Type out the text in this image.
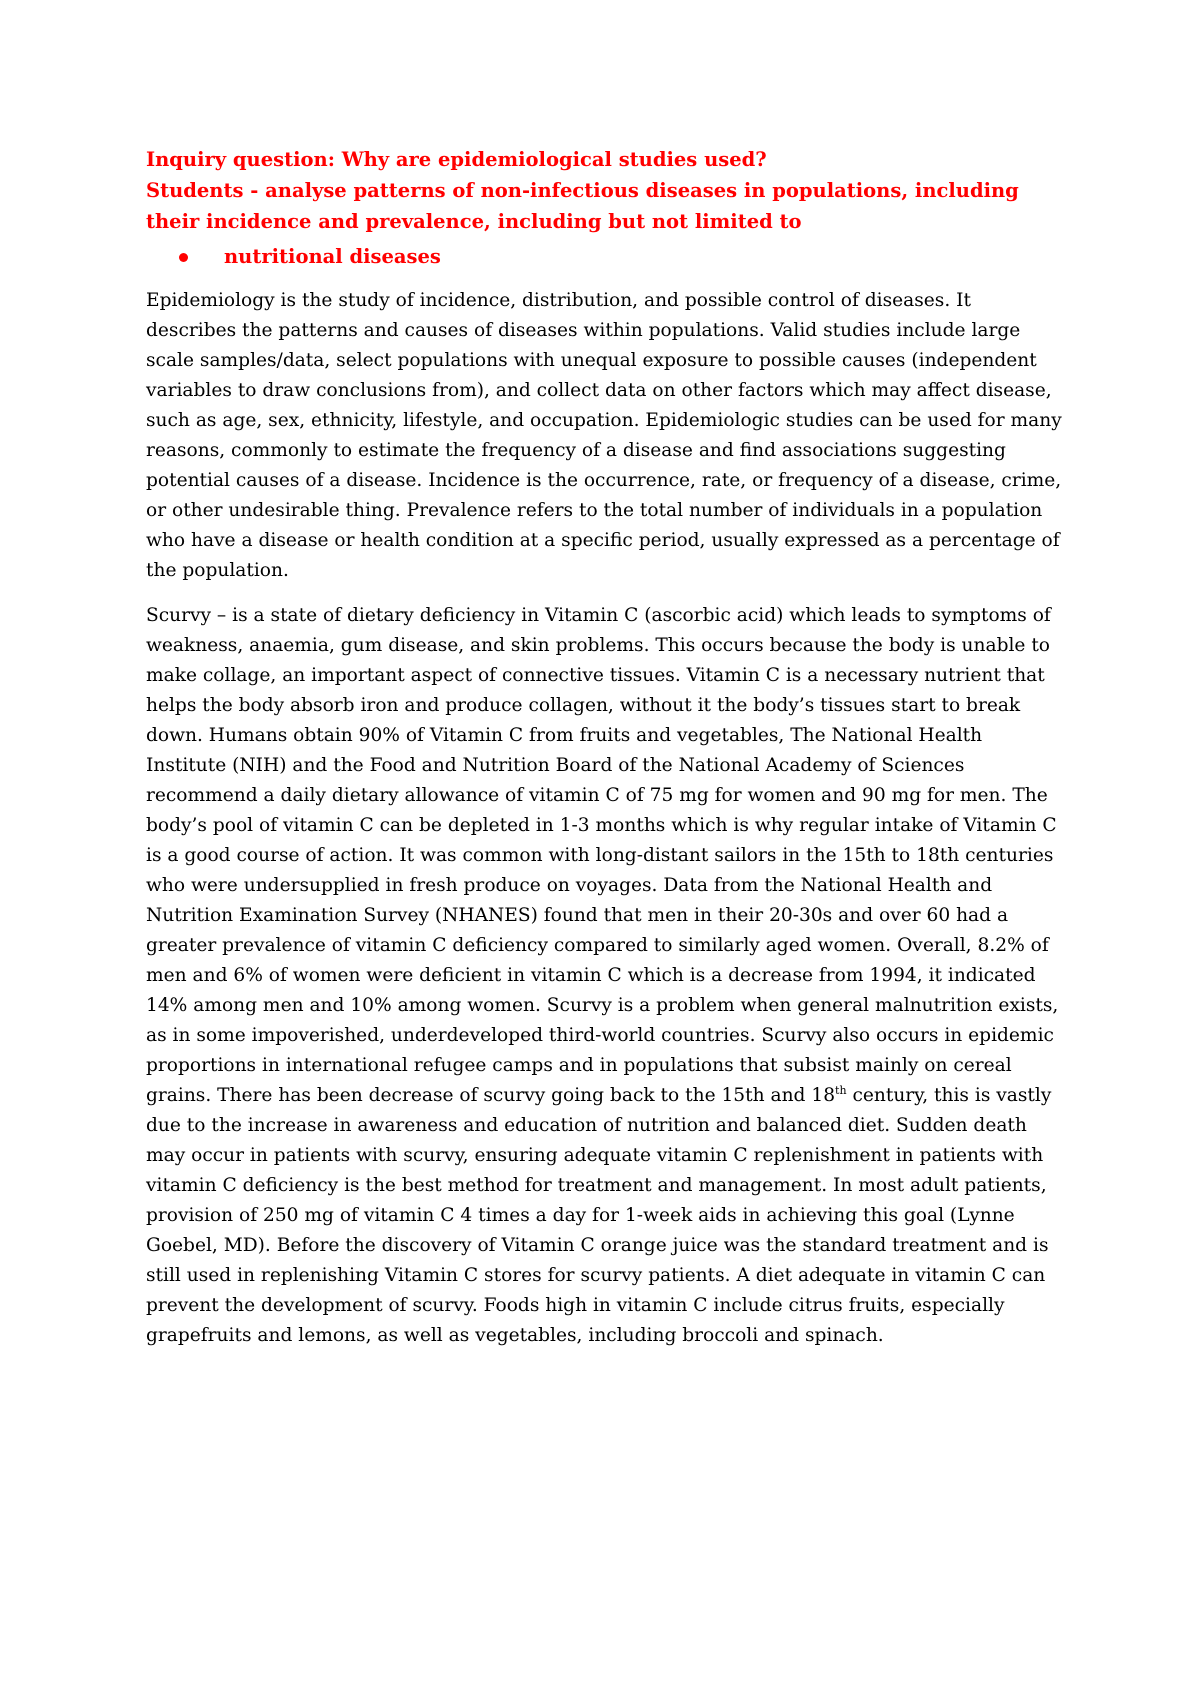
Inquiry question: Why are epidemiological studies used?
Students - analyse patterns of non-infectious diseases in populations, including
their incidence and prevalence, including but not limited to
nutritional diseases

Epidemiology is the study of incidence, distribution, and possible control of diseases. It describes the patterns and causes of diseases within populations. Valid studies include large scale samples/data, select populations with unequal exposure to possible causes (independent variables to draw conclusions from), and collect data on other factors which may affect disease, such as age, sex, ethnicity, lifestyle, and occupation. Epidemiologic studies can be used for many reasons, commonly to estimate the frequency of a disease and find associations suggesting potential causes of a disease. Incidence is the occurrence, rate, or frequency of a disease, crime, or other undesirable thing. Prevalence refers to the total number of individuals in a population who have a disease or health condition at a specific period, usually expressed as a percentage of the population.

Scurvy – is a state of dietary deficiency in Vitamin C (ascorbic acid) which leads to symptoms of weakness, anaemia, gum disease, and skin problems. This occurs because the body is unable to make collage, an important aspect of connective tissues. Vitamin C is a necessary nutrient that helps the body absorb iron and produce collagen, without it the body’s tissues start to break down. Humans obtain 90% of Vitamin C from fruits and vegetables, The National Health Institute (NIH) and the Food and Nutrition Board of the National Academy of Sciences recommend a daily dietary allowance of vitamin C of 75 mg for women and 90 mg for men. The body’s pool of vitamin C can be depleted in 1-3 months which is why regular intake of Vitamin C is a good course of action. It was common with long-distant sailors in the 15th to 18th centuries who were undersupplied in fresh produce on voyages. Data from the National Health and Nutrition Examination Survey (NHANES) found that men in their 20-30s and over 60 had a greater prevalence of vitamin C deficiency compared to similarly aged women. Overall, 8.2% of men and 6% of women were deficient in vitamin C which is a decrease from 1994, it indicated 14% among men and 10% among women. Scurvy is a problem when general malnutrition exists, as in some impoverished, underdeveloped third-world countries. Scurvy also occurs in epidemic proportions in international refugee camps and in populations that subsist mainly on cereal grains. There has been decrease of scurvy going back to the 15th and 18th century, this is vastly due to the increase in awareness and education of nutrition and balanced diet. Sudden death may occur in patients with scurvy, ensuring adequate vitamin C replenishment in patients with vitamin C deficiency is the best method for treatment and management. In most adult patients, provision of 250 mg of vitamin C 4 times a day for 1-week aids in achieving this goal (Lynne Goebel, MD). Before the discovery of Vitamin C orange juice was the standard treatment and is still used in replenishing Vitamin C stores for scurvy patients. A diet adequate in vitamin C can prevent the development of scurvy. Foods high in vitamin C include citrus fruits, especially grapefruits and lemons, as well as vegetables, including broccoli and spinach.
